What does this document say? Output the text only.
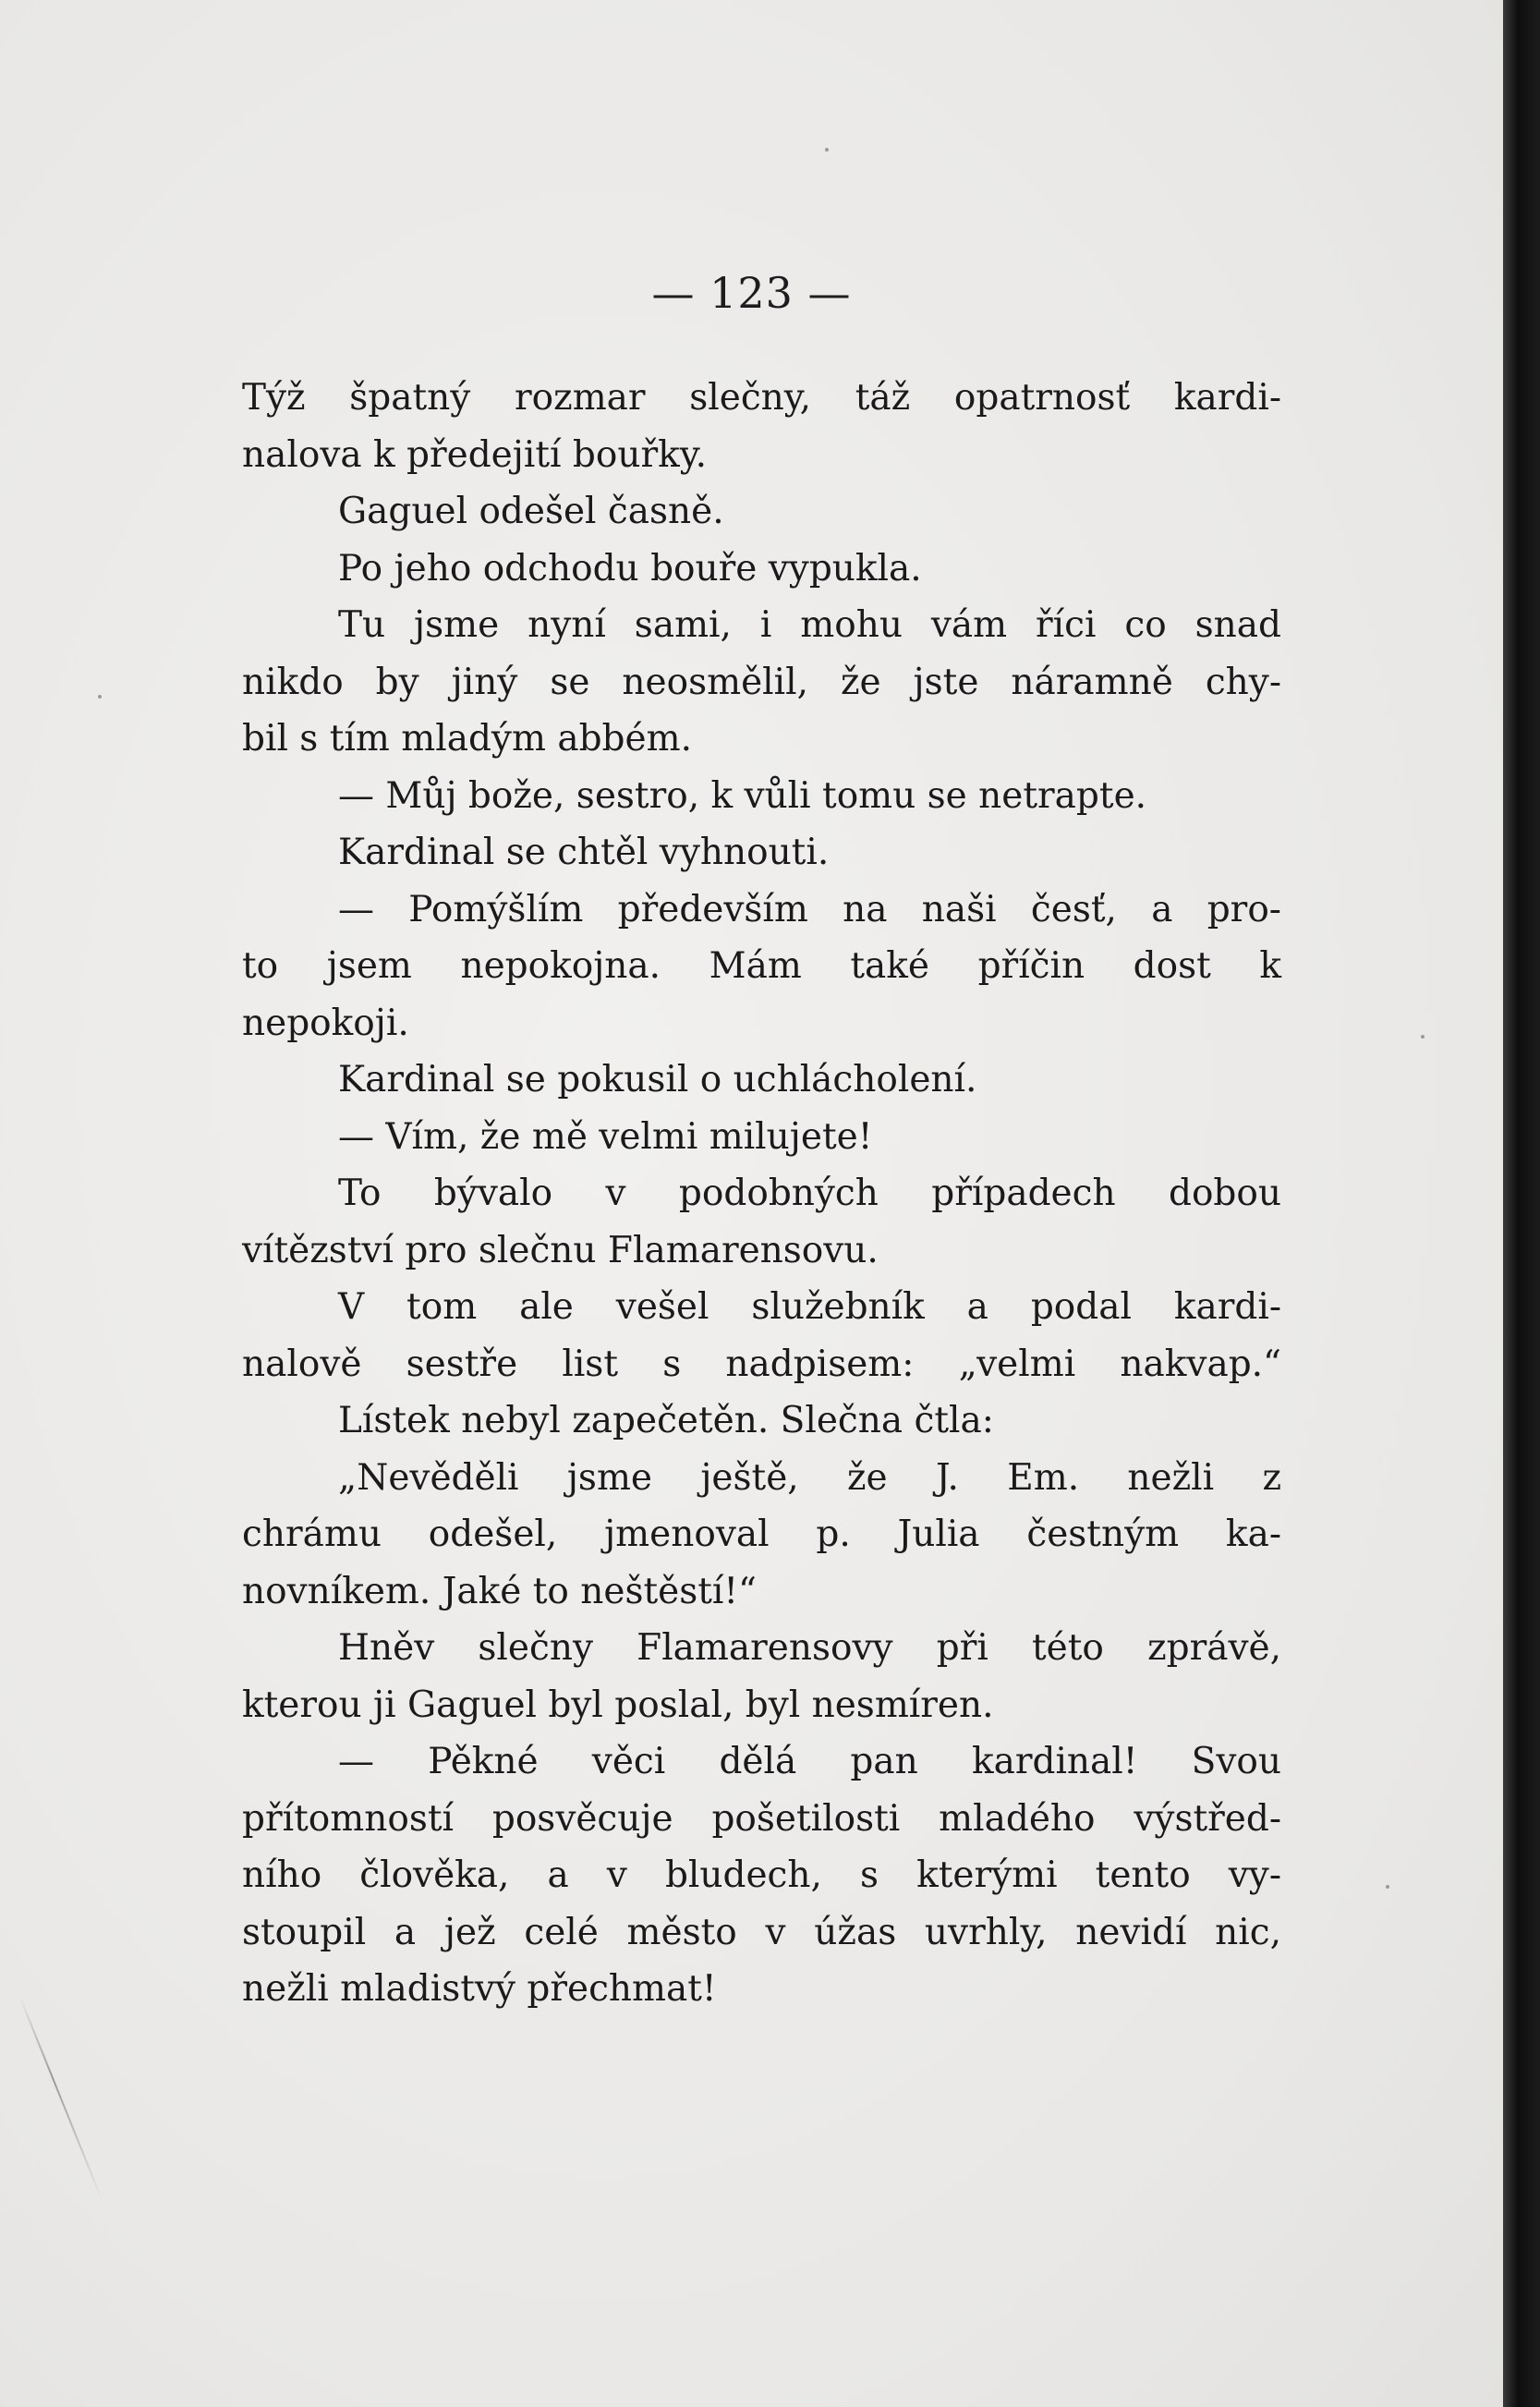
— 123 —
Týž špatný rozmar slečny, táž opatrnosť kardi-
nalova k předejití bouřky.
Gaguel odešel časně.
Po jeho odchodu bouře vypukla.
Tu jsme nyní sami, i mohu vám říci co snad
nikdo by jiný se neosmělil, že jste náramně chy-
bil s tím mladým abbém.
— Můj bože, sestro, k vůli tomu se netrapte.
Kardinal se chtěl vyhnouti.
— Pomýšlím především na naši česť, a pro-
to jsem nepokojna. Mám také příčin dost k
nepokoji.
Kardinal se pokusil o uchlácholení.
— Vím, že mě velmi milujete!
To bývalo v podobných případech dobou
vítězství pro slečnu Flamarensovu.
V tom ale vešel služebník a podal kardi-
nalově sestře list s nadpisem: „velmi nakvap.“
Lístek nebyl zapečetěn. Slečna čtla:
„Nevěděli jsme ještě, že J. Em. nežli z
chrámu odešel, jmenoval p. Julia čestným ka-
novníkem. Jaké to neštěstí!“
Hněv slečny Flamarensovy při této zprávě,
kterou ji Gaguel byl poslal, byl nesmíren.
— Pěkné věci dělá pan kardinal! Svou
přítomností posvěcuje pošetilosti mladého výstřed-
ního člověka, a v bludech, s kterými tento vy-
stoupil a jež celé město v úžas uvrhly, nevidí nic,
nežli mladistvý přechmat!
